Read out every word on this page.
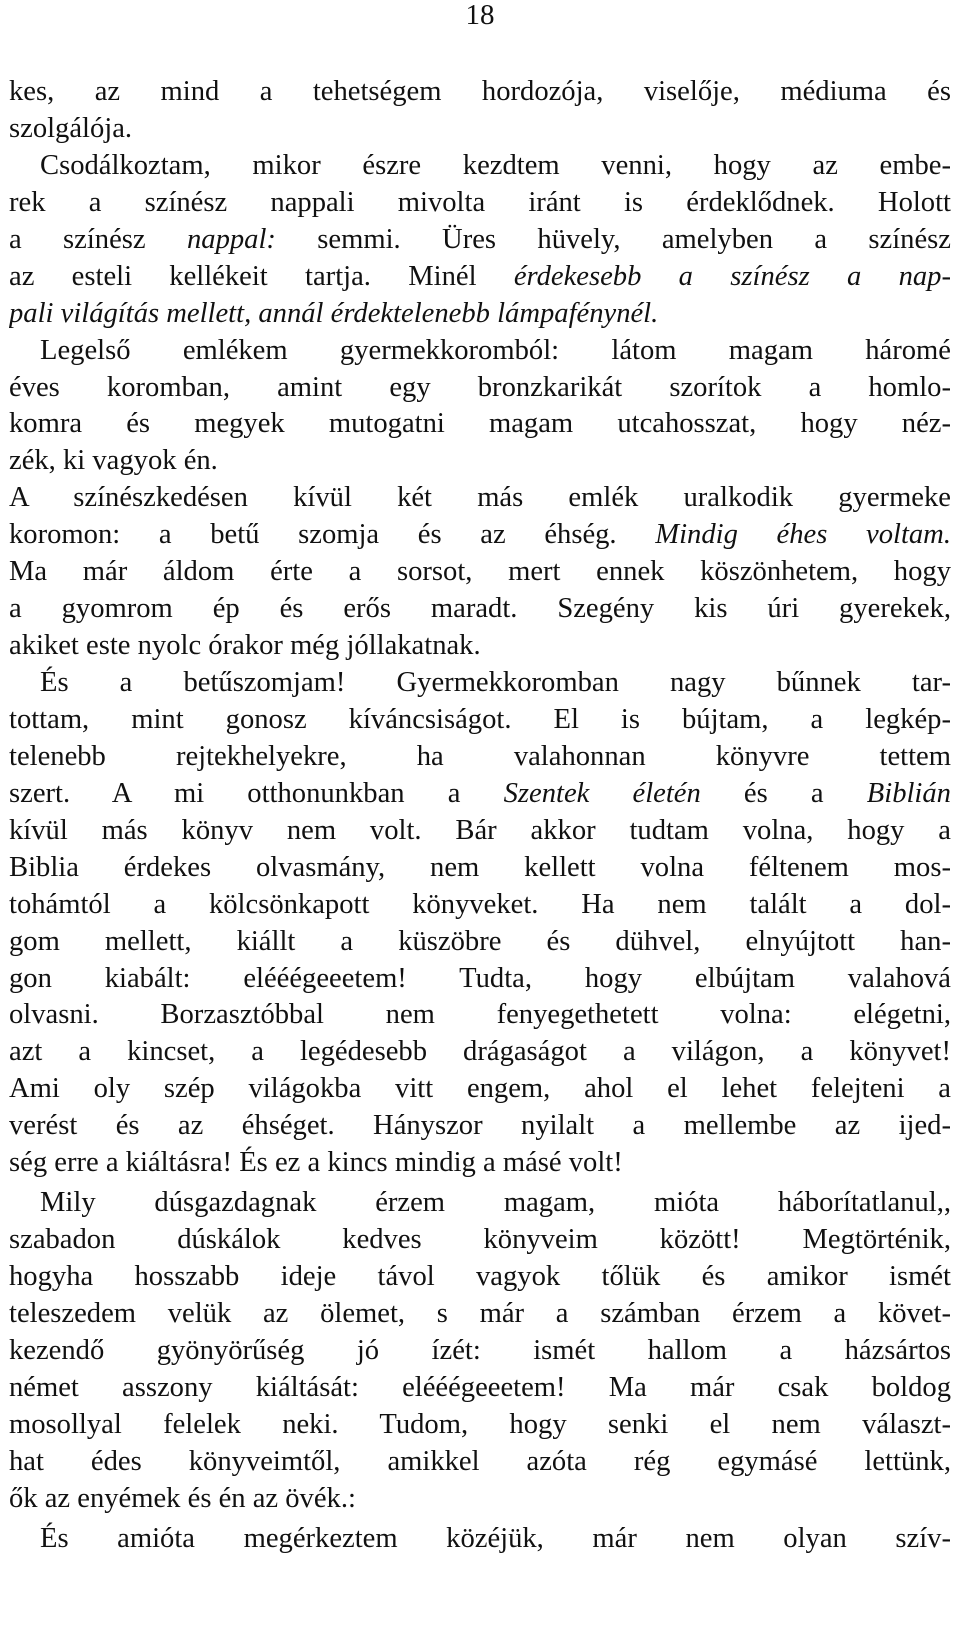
18
kes, az mind a tehetségem hordozója, viselője, médiuma és
szolgálója.
Csodálkoztam, mikor észre kezdtem venni, hogy az embe-
rek a színész nappali mivolta iránt is érdeklődnek. Holott
a színész nappal: semmi. Üres hüvely, amelyben a színész
az esteli kellékeit tartja. Minél érdekesebb a színész a nap-
pali világítás mellett, annál érdektelenebb lámpafénynél.
Legelső emlékem gyermekkoromból: látom magam háromé
éves koromban, amint egy bronzkarikát szorítok a homlo-
komra és megyek mutogatni magam utcahosszat, hogy néz-
zék, ki vagyok én.
A színészkedésen kívül két más emlék uralkodik gyermeke
koromon: a betű szomja és az éhség. Mindig éhes voltam.
Ma már áldom érte a sorsot, mert ennek köszönhetem, hogy
a gyomrom ép és erős maradt. Szegény kis úri gyerekek,
akiket este nyolc órakor még jóllakatnak.
És a betűszomjam! Gyermekkoromban nagy bűnnek tar-
tottam, mint gonosz kíváncsiságot. El is bújtam, a legkép-
telenebb rejtekhelyekre, ha valahonnan könyvre tettem
szert. A mi otthonunkban a Szentek életén és a Biblián
kívül más könyv nem volt. Bár akkor tudtam volna, hogy a
Biblia érdekes olvasmány, nem kellett volna féltenem mos-
tohámtól a kölcsönkapott könyveket. Ha nem talált a dol-
gom mellett, kiállt a küszöbre és dühvel, elnyújtott han-
gon kiabált: elééégeeetem! Tudta, hogy elbújtam valahová
olvasni. Borzasztóbbal nem fenyegethetett volna: elégetni,
azt a kincset, a legédesebb drágaságot a világon, a könyvet!
Ami oly szép világokba vitt engem, ahol el lehet felejteni a
verést és az éhséget. Hányszor nyilalt a mellembe az ijed-
ség erre a kiáltásra! És ez a kincs mindig a másé volt!
Mily dúsgazdagnak érzem magam, mióta háborítatlanul,,
szabadon dúskálok kedves könyveim között! Megtörténik,
hogyha hosszabb ideje távol vagyok tőlük és amikor ismét
teleszedem velük az ölemet, s már a számban érzem a követ-
kezendő gyönyörűség jó ízét: ismét hallom a házsártos
német asszony kiáltását: elééégeeetem! Ma már csak boldog
mosollyal felelek neki. Tudom, hogy senki el nem választ-
hat édes könyveimtől, amikkel azóta rég egymásé lettünk,
ők az enyémek és én az övék.:
És amióta megérkeztem közéjük, már nem olyan szív-
